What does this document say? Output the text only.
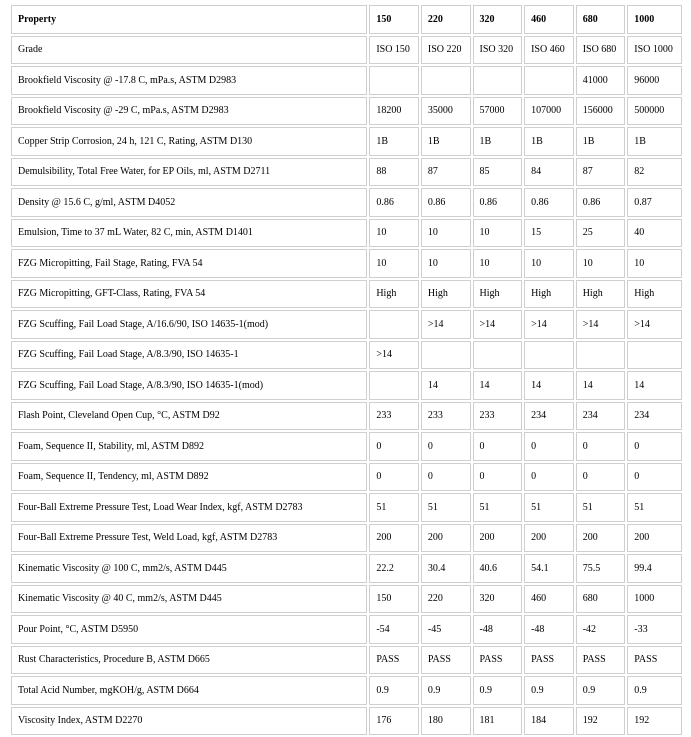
Property	150	220	320	460	680	1000
Grade	ISO 150	ISO 220	ISO 320	ISO 460	ISO 680	ISO 1000
Brookfield Viscosity @ -17.8 C, mPa.s, ASTM D2983					41000	96000
Brookfield Viscosity @ -29 C, mPa.s, ASTM D2983	18200	35000	57000	107000	156000	500000
Copper Strip Corrosion, 24 h, 121 C, Rating, ASTM D130	1B	1B	1B	1B	1B	1B
Demulsibility, Total Free Water, for EP Oils, ml, ASTM D2711	88	87	85	84	87	82
Density @ 15.6 C, g/ml, ASTM D4052	0.86	0.86	0.86	0.86	0.86	0.87
Emulsion, Time to 37 mL Water, 82 C, min, ASTM D1401	10	10	10	15	25	40
FZG Micropitting, Fail Stage, Rating, FVA 54	10	10	10	10	10	10
FZG Micropitting, GFT-Class, Rating, FVA 54	High	High	High	High	High	High
FZG Scuffing, Fail Load Stage, A/16.6/90, ISO 14635-1(mod)		>14	>14	>14	>14	>14
FZG Scuffing, Fail Load Stage, A/8.3/90, ISO 14635-1	>14					
FZG Scuffing, Fail Load Stage, A/8.3/90, ISO 14635-1(mod)		14	14	14	14	14
Flash Point, Cleveland Open Cup, °C, ASTM D92	233	233	233	234	234	234
Foam, Sequence II, Stability, ml, ASTM D892	0	0	0	0	0	0
Foam, Sequence II, Tendency, ml, ASTM D892	0	0	0	0	0	0
Four-Ball Extreme Pressure Test, Load Wear Index, kgf, ASTM D2783	51	51	51	51	51	51
Four-Ball Extreme Pressure Test, Weld Load, kgf, ASTM D2783	200	200	200	200	200	200
Kinematic Viscosity @ 100 C, mm2/s, ASTM D445	22.2	30.4	40.6	54.1	75.5	99.4
Kinematic Viscosity @ 40 C, mm2/s, ASTM D445	150	220	320	460	680	1000
Pour Point, °C, ASTM D5950	-54	-45	-48	-48	-42	-33
Rust Characteristics, Procedure B, ASTM D665	PASS	PASS	PASS	PASS	PASS	PASS
Total Acid Number, mgKOH/g, ASTM D664	0.9	0.9	0.9	0.9	0.9	0.9
Viscosity Index, ASTM D2270	176	180	181	184	192	192
